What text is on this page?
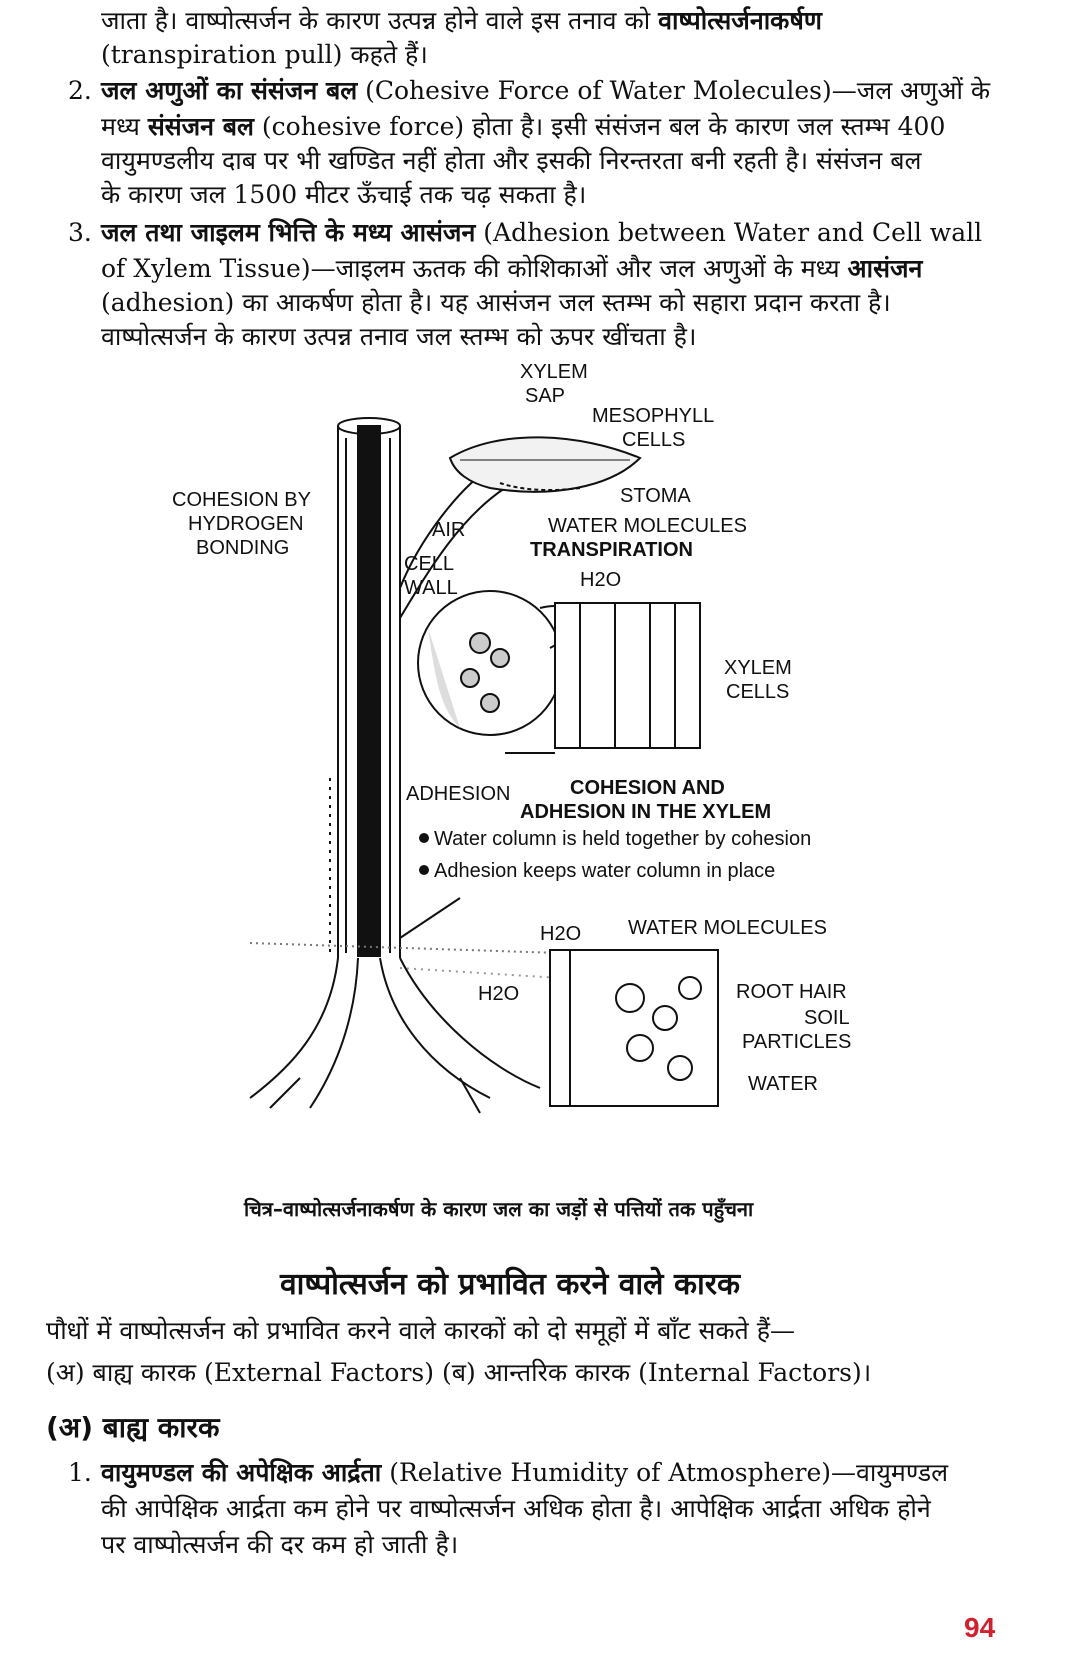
जाता है। वाष्पोत्सर्जन के कारण उत्पन्न होने वाले इस तनाव को वाष्पोत्सर्जनाकर्षण
(transpiration pull) कहते हैं।
2. जल अणुओं का संसंजन बल (Cohesive Force of Water Molecules)—जल अणुओं के
मध्य संसंजन बल (cohesive force) होता है। इसी संसंजन बल के कारण जल स्तम्भ 400
वायुमण्डलीय दाब पर भी खण्डित नहीं होता और इसकी निरन्तरता बनी रहती है। संसंजन बल
के कारण जल 1500 मीटर ऊँचाई तक चढ़ सकता है।
3. जल तथा जाइलम भित्ति के मध्य आसंजन (Adhesion between Water and Cell wall
of Xylem Tissue)—जाइलम ऊतक की कोशिकाओं और जल अणुओं के मध्य आसंजन
(adhesion) का आकर्षण होता है। यह आसंजन जल स्तम्भ को सहारा प्रदान करता है।
वाष्पोत्सर्जन के कारण उत्पन्न तनाव जल स्तम्भ को ऊपर खींचता है।
XYLEM
SAP
MESOPHYLL
CELLS
STOMA
COHESION BY
HYDROGEN
BONDING
AIR	WATER MOLECULES
TRANSPIRATION
CELL
WALL	H2O
XYLEM
CELLS
ADHESION	COHESION AND
ADHESION IN THE XYLEM
Water column is held together by cohesion
Adhesion keeps water column in place
H2O WATER MOLECULES
H2O	ROOT HAIR
SOIL
PARTICLES
WATER
चित्र–वाष्पोत्सर्जनाकर्षण के कारण जल का जड़ों से पत्तियों तक पहुँचना
वाष्पोत्सर्जन को प्रभावित करने वाले कारक
पौधों में वाष्पोत्सर्जन को प्रभावित करने वाले कारकों को दो समूहों में बाँट सकते हैं—
(अ) बाह्य कारक (External Factors) (ब) आन्तरिक कारक (Internal Factors)।
(अ) बाह्य कारक
1. वायुमण्डल की अपेक्षिक आर्द्रता (Relative Humidity of Atmosphere)—वायुमण्डल
की आपेक्षिक आर्द्रता कम होने पर वाष्पोत्सर्जन अधिक होता है। आपेक्षिक आर्द्रता अधिक होने
पर वाष्पोत्सर्जन की दर कम हो जाती है।
94
